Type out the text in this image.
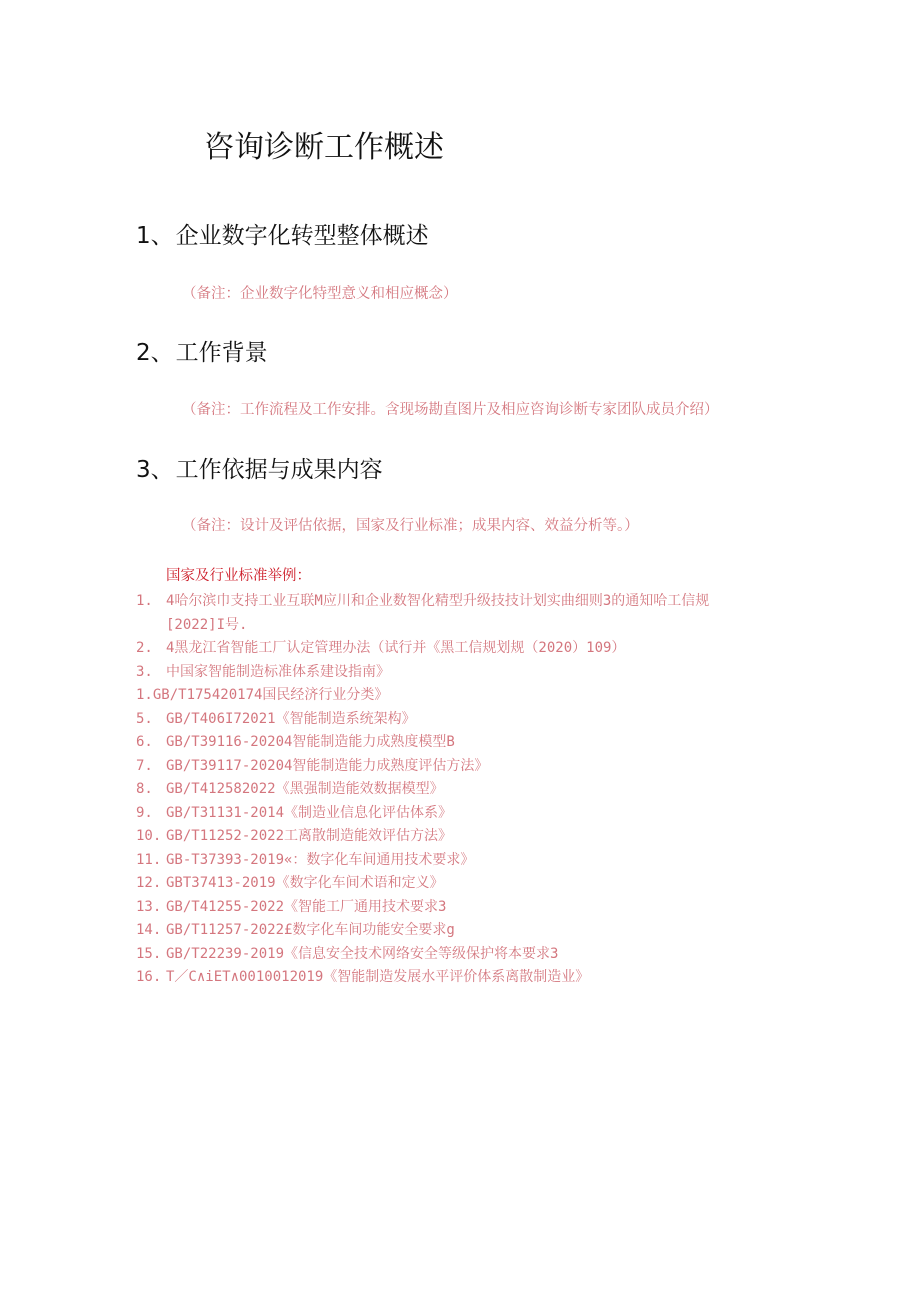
咨询诊断工作概述
1、企业数字化转型整体概述
（备注：企业数字化特型意义和相应概念）
2、工作背景
（备注：工作流程及工作安排。含现场勘直图片及相应咨询诊断专家团队成员介绍）
3、工作依据与成果内容
（备注：设计及评估依据，国家及行业标准；成果内容、效益分析等。）
国家及行业标准举例：
1. 4哈尔滨巾支持工业互联M应川和企业数智化精型升级技技计划实曲细则3的通知哈工信规
[2022]I号.
2. 4黑龙江省智能工厂认定管理办法（试行并《黑工信规划规（2020）109）
3. 中国家智能制造标准体系建设指南》
1.GB/T175420174国民经济行业分类》
5. GB/T406I72021《智能制造系统架构》
6. GB/T39116-20204智能制造能力成熟度模型B
7. GB/T39117-20204智能制造能力成熟度评估方法》
8. GB/T412582022《黑强制造能效数据模型》
9. GB/T31131-2014《制造业信息化评估体系》
10. GB/T11252-2022工离散制造能效评估方法》
11. GB-T37393-2019«：数字化车间通用技术要求》
12. GBT37413-2019《数字化车间术语和定义》
13. GB/T41255-2022《智能工厂通用技术要求3
14. GB/T11257-2022£数字化车间功能安全要求g
15. GB/T22239-2019《信息安全技术网络安全等级保护将本要求3
16. T／C∧iET∧0010012019《智能制造发展水平评价体系离散制造业》
